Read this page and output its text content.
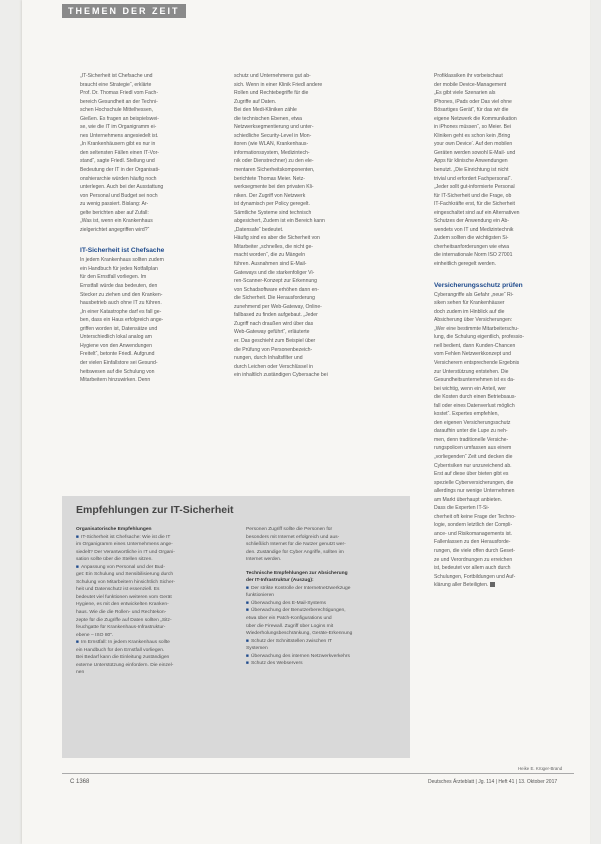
THEMEN DER ZEIT

„IT-Sicherheit ist Chefsache und

braucht eine Strategie“, erklärte

Prof. Dr. Thomas Friedl vom Fach-

bereich Gesundheit an der Techni-

schen Hochschule Mittelhessen,

Gießen. Es fragen an beispielswei-

se, wie die IT im Organigramm ei-

nes Unternehmens angesiedelt ist.

„In Krankenhäusern gibt es nur in

den seltensten Fällen einen IT-Vor-

stand“, sagte Friedl. Stellung und

Bedeutung der IT in der Organisati-

onshierarchie würden häufig noch

unterlegen. Auch bei der Ausstattung

von Personal und Budget sei noch

zu wenig passiert. Bislang: Ar-

gelte berichten aber auf Zufall:

„Was ist, wenn ein Krankenhaus

zielgerichtet angegriffen wird?“

IT-Sicherheit ist Chefsache

In jedem Krankenhaus sollten zudem

ein Handbuch für jedes Notfallplan

für den Ernstfall vorliegen. Im

Ernstfall würde das bedeuten, den

Stecker zu ziehen und den Kranken-

hausbetrieb auch ohne IT zu führen.

„In einer Katastrophe darf es fall ge-

ben, dass ein Haus erfolgreich ange-

griffen worden ist, Datensätze und

Unterschiedlich lokal analog am

Hygiene von den Anwendungen

Freitelt“, betonte Friedl. Aufgrund

der vielen Einfallstore sei Gesund-

heitswesen auf die Schulung von

Mitarbeitern hinzuwirken. Denn

schutz und Unternehmens gut ab-

sich. Wenn in einer Klinik Friedl andere

Rollen und Rechtebegriffe für die

Zugriffe auf Daten.

Bei den Medi-Kliniken zähle

die technischen Ebenen, etwa

Netzwerksegmentierung und unter-

schiedliche Security-Level in Mon-

itoren (wie WLAN, Krankenhaus-

informationssystem, Medizintech-

nik oder Dienstrechner) zu den ele-

mentaren Sicherheitskomponenten,

berichtete Thomas Meier. Netz-

werksegmente bei den privaten Kli-

niken. Der Zugriff von Netzwerk

ist dynamisch per Policy geregelt.

Sämtliche Systeme sind technisch

abgesichert, Zudem ist ein Bereich kann

„Datensafe“ bedeutet.

Häufig sind es aber die Sicherheit von

Mitarbeiter „schnelles, die nicht ge-

macht worden“, die zu Mängeln

führen. Ausnahmen sind E-Mail-

Gateways und die starkenfoliger Vi-

ren-Scanner-Konzept zur Erkennung

von Schadsoftware erhöhen dann en-

die Sicherheit. Die Herausforderung

zunehmend per Web-Gateway, Online-

fallbased zu finden aufgebaut. „Jeder

Zugriff nach draußen wird über das

Web-Gateway geführt“, erläuterte

er. Das geschieht zum Beispiel über

die Prüfung von Personenbezeich-

nungen, durch Inhaltsfilter und

durch Leichen oder Verschlüssel in

ein inhaltlich zuständigen Cybersache bei

Profiklassiken ihr vorbeischaut

der mobile Device-Management

„Es gibt viele Szenarien als

iPhones, iPads oder Das viel ohne

Bösartiges Gerät“, für das wir die

eigene Netzwerk die Kommunikation

in iPhones müssen“, so Meier. Bei

Kliniken geht es schon kein ‚Bring

your own Device‘. Auf den mobilen

Geräten werden sowohl E-Mail- und

Apps für klinische Anwendungen

benutzt. „Die Einrichtung ist nicht

trivial und erfordert Fachpersonal“.

„Jeder sollt gut-informierte Personal

für IT-Sicherheit und die Frage, ob

IT-Fachkräfte erst, für die Sicherheit

eingeschaltet sind auf ein Alternativen

Schutzes der Anwendung ein Ab-

wendets von IT und Medizintechnik

Zudem sollten die wichtigsten Si-

cherheitsanforderungen wie etwa

die internationale Norm ISO 27001

einheitlich geregelt werden.

Versicherungsschutz prüfen

Cyberangriffe als Gefahr „neue“ Ri-

siken sehen für Krankenhäuser

doch zudem im Hinblick auf die

Absicherung über Versicherungen:

„Wer eine bestimmte Mitarbeiterschu-

lung, die Schulung eigentlich, professio-

nell bedient, dann Kunden-Chancen

vom Fehlen Netzwerkkonzept und

Versicherern entsprechende Ergebnis

zur Unterstützung entstehen. Die

Gesundheitsunternehmen ist es da-

bei wichtig, wenn ein Anteil, wer

die Kosten durch einen Betriebsaus-

fall oder eines Datenverlust möglich

kostet“. Expertes empfehlen,

den eigenen Versicherungsschutz

daraufhin unter die Lupe zu neh-

men, denn traditionelle Versiche-

rungspolicen umfassen aus einem

„vorliegenden“ Zeit und decken die

Cyberrisiken nur unzureichend ab.

Erst auf diese über bieten gibt es

spezielle Cyberversicherungen, die

allerdings nur wenige Unternehmen

am Markt überhaupt anbieten.

Dass die Experten IT-Si-

cherheit oft keine Frage der Techno-

logie, sondern letztlich der Compli-

ance- und Risikomanagements ist.

Fallenlassen zu den Herausforde-

rungen, die viele offen durch Geset-

ze und Verordnungen zu erreichen

ist, bedeutet vor allem auch durch

Schulungen, Fortbildungen und Auf-

klärung aller Beteiligten.

Empfehlungen zur IT-Sicherheit

Organisatorische Empfehlungen

■ IT-Sicherheit ist Chefsache: Wie ist die IT

im Organigramm eines Unternehmens ange-

siedelt? Der Verantwortliche in IT und Organi-

sation sollte über die Stellen sitzen.

■ Anpassung von Personal und der Bud-

get: Ein Schulung und Sensibilisierung durch

Schulung von Mitarbeitern hinsichtlich Sicher-

heit und Datenschutz ist essenziell. Es

bedeutet viel funktionen weiteren vom Gerät

Hygiene, es mit den entwickelten Kranken-

haus. Wie die die Rollen- und Rechtekon-

zepte für die Zugriffe auf Daten sollten „Sitz-

feuchgatte für Krankenhaus-Infrastruktur-

ebene – ISO 80“.

■ Im Ernstfall: In jedem Krankenhaus sollte

ein Handbuch für den Ernstfall vorliegen.

Bei Bedarf kann die Einleitung zuständigen

externe Unterstützung einfordern. Die einzel-

nen

Personen Zugriff sollte die Personen für

besonders mit Internet erfolgreich und aus-

schließlich Internet für die Nutzer genutzt wer-

den. Zuständige für Cyber Angriffe, sollten im

Internet werden.

Technische Empfehlungen zur Absicherung

der IT-Infrastruktur (Auszug):

■ Der strikte Kontrolle der Internetnetzwerkzuge

funktionieren

■ Überwachung des E-Mail-Systems

■ Überwachung der Benutzerberechtigungen,

etwa über ein Patch-Konfigurations und

über die Firewall. Zugriff über Logins mit

Wiederholungsbeschränkung, Geräte-Erkennung

■ Schutz der Schnittstellen zwischen IT

Systemen

■ Überwachung des internen Netzwerkverkehrs

■ Schutz des Webservers

Heike E. Krüger-Brand
C 1368	Deutsches Ärzteblatt | Jg. 114 | Heft 41 | 13. Oktober 2017
